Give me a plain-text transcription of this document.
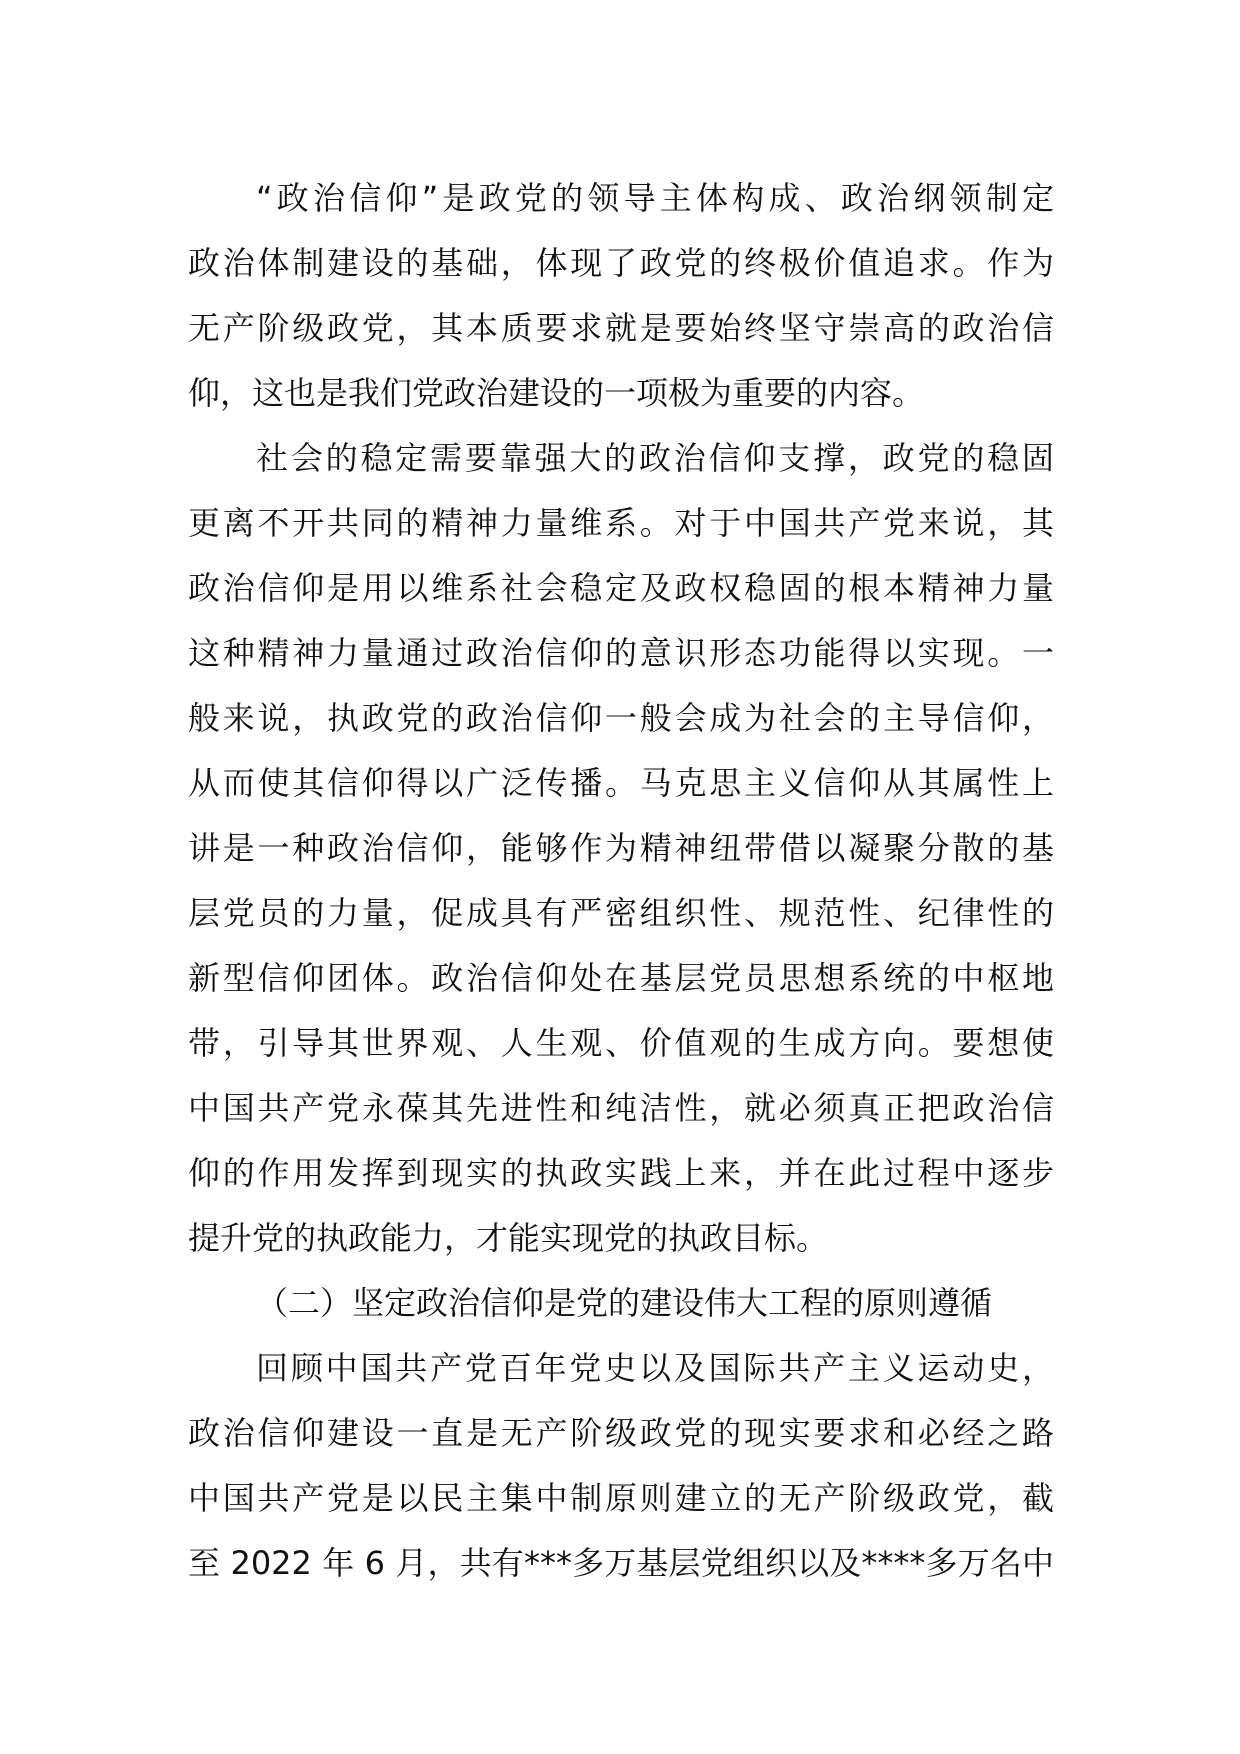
“政治信仰”是政党的领导主体构成、政治纲领制定
政治体制建设的基础，体现了政党的终极价值追求。作为
无产阶级政党，其本质要求就是要始终坚守崇高的政治信
仰，这也是我们党政治建设的一项极为重要的内容。
社会的稳定需要靠强大的政治信仰支撑，政党的稳固
更离不开共同的精神力量维系。对于中国共产党来说，其
政治信仰是用以维系社会稳定及政权稳固的根本精神力量
这种精神力量通过政治信仰的意识形态功能得以实现。一
般来说，执政党的政治信仰一般会成为社会的主导信仰，
从而使其信仰得以广泛传播。马克思主义信仰从其属性上
讲是一种政治信仰，能够作为精神纽带借以凝聚分散的基
层党员的力量，促成具有严密组织性、规范性、纪律性的
新型信仰团体。政治信仰处在基层党员思想系统的中枢地
带，引导其世界观、人生观、价值观的生成方向。要想使
中国共产党永葆其先进性和纯洁性，就必须真正把政治信
仰的作用发挥到现实的执政实践上来，并在此过程中逐步
提升党的执政能力，才能实现党的执政目标。
（二）坚定政治信仰是党的建设伟大工程的原则遵循
回顾中国共产党百年党史以及国际共产主义运动史，
政治信仰建设一直是无产阶级政党的现实要求和必经之路
中国共产党是以民主集中制原则建立的无产阶级政党，截
至 2022 年 6 月，共有***多万基层党组织以及****多万名中
